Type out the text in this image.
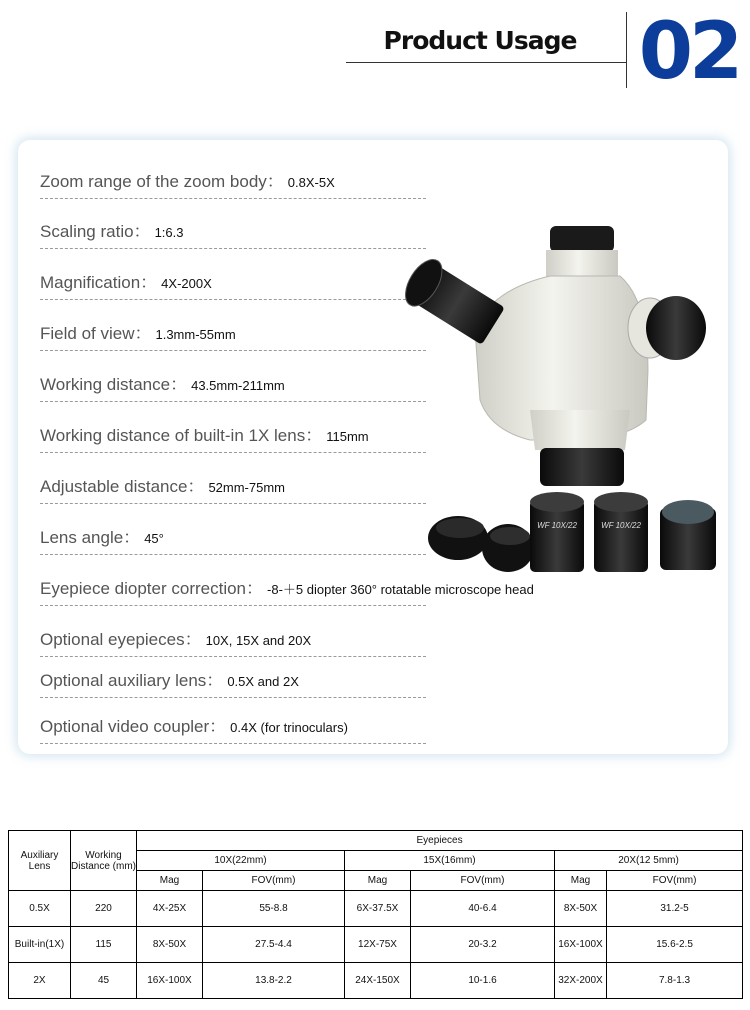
Product Usage 02
Zoom range of the zoom body： 0.8X-5X
Scaling ratio： 1:6.3
Magnification： 4X-200X
Field of view： 1.3mm-55mm
Working distance： 43.5mm-211mm
Working distance of built-in 1X lens： 115mm
Adjustable distance： 52mm-75mm
Lens angle： 45°
Eyepiece diopter correction： -8-＋5 diopter 360° rotatable microscope head
Optional eyepieces： 10X, 15X and 20X
Optional auxiliary lens： 0.5X and 2X
Optional video coupler： 0.4X (for trinoculars)
WF 10X/22	WF 10X/22
Auxiliary Lens	Working Distance (mm)	Eyepieces					
		10X(22mm)		15X(16mm)		20X(12 5mm)	
		Mag	FOV(mm)	Mag	FOV(mm)	Mag	FOV(mm)
0.5X	220	4X-25X	55-8.8	6X-37.5X	40-6.4	8X-50X	31.2-5
Built-in(1X)	115	8X-50X	27.5-4.4	12X-75X	20-3.2	16X-100X	15.6-2.5
2X	45	16X-100X	13.8-2.2	24X-150X	10-1.6	32X-200X	7.8-1.3
